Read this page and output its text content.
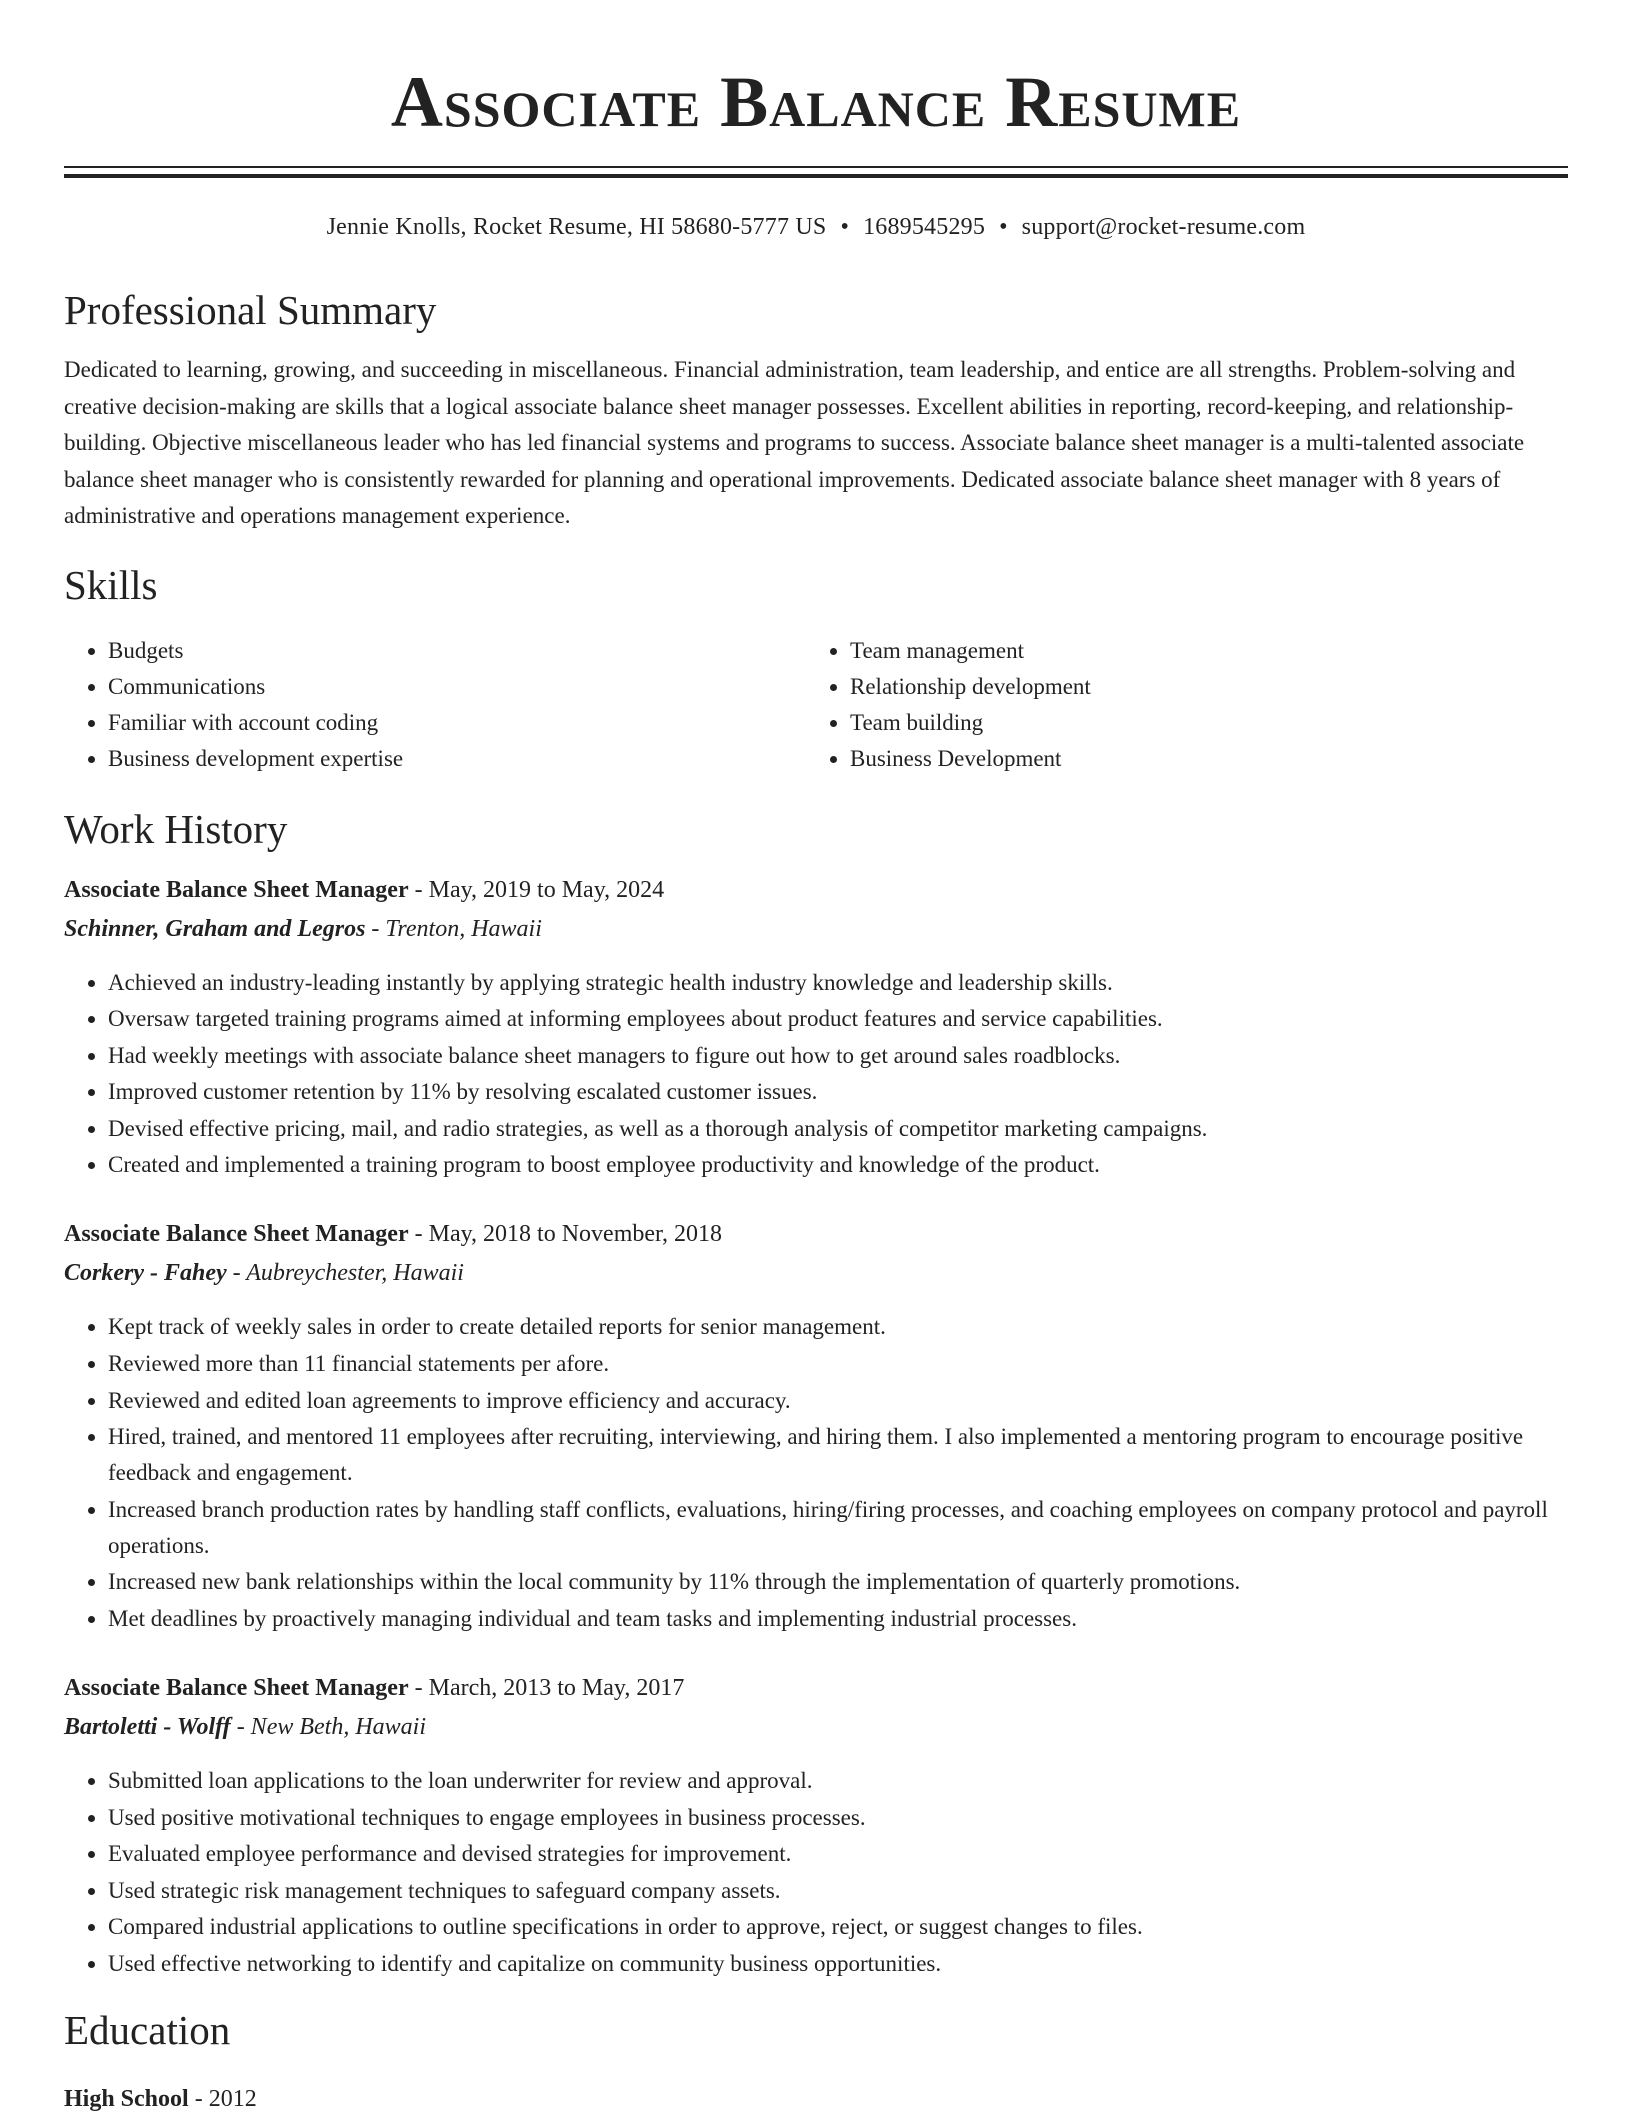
Associate Balance Resume
Jennie Knolls, Rocket Resume, HI 58680-5777 US • 1689545295 • support@rocket-resume.com
Professional Summary

Dedicated to learning, growing, and succeeding in miscellaneous. Financial administration, team leadership, and entice are all strengths. Problem-solving and creative decision-making are skills that a logical associate balance sheet manager possesses. Excellent abilities in reporting, record-keeping, and relationship-building. Objective miscellaneous leader who has led financial systems and programs to success. Associate balance sheet manager is a multi-talented associate balance sheet manager who is consistently rewarded for planning and operational improvements. Dedicated associate balance sheet manager with 8 years of administrative and operations management experience.

Skills
• Budgets
• Communications
• Familiar with account coding
• Business development expertise
• Team management
• Relationship development
• Team building
• Business Development
Work History
Associate Balance Sheet Manager - May, 2019 to May, 2024
Schinner, Graham and Legros - Trenton, Hawaii
• Achieved an industry-leading instantly by applying strategic health industry knowledge and leadership skills.
• Oversaw targeted training programs aimed at informing employees about product features and service capabilities.
• Had weekly meetings with associate balance sheet managers to figure out how to get around sales roadblocks.
• Improved customer retention by 11% by resolving escalated customer issues.
• Devised effective pricing, mail, and radio strategies, as well as a thorough analysis of competitor marketing campaigns.
• Created and implemented a training program to boost employee productivity and knowledge of the product.
Associate Balance Sheet Manager - May, 2018 to November, 2018
Corkery - Fahey - Aubreychester, Hawaii
• Kept track of weekly sales in order to create detailed reports for senior management.
• Reviewed more than 11 financial statements per afore.
• Reviewed and edited loan agreements to improve efficiency and accuracy.
• Hired, trained, and mentored 11 employees after recruiting, interviewing, and hiring them. I also implemented a mentoring program to encourage positive feedback and engagement.
• Increased branch production rates by handling staff conflicts, evaluations, hiring/firing processes, and coaching employees on company protocol and payroll operations.
• Increased new bank relationships within the local community by 11% through the implementation of quarterly promotions.
• Met deadlines by proactively managing individual and team tasks and implementing industrial processes.
Associate Balance Sheet Manager - March, 2013 to May, 2017
Bartoletti - Wolff - New Beth, Hawaii
• Submitted loan applications to the loan underwriter for review and approval.
• Used positive motivational techniques to engage employees in business processes.
• Evaluated employee performance and devised strategies for improvement.
• Used strategic risk management techniques to safeguard company assets.
• Compared industrial applications to outline specifications in order to approve, reject, or suggest changes to files.
• Used effective networking to identify and capitalize on community business opportunities.
Education
High School - 2012
